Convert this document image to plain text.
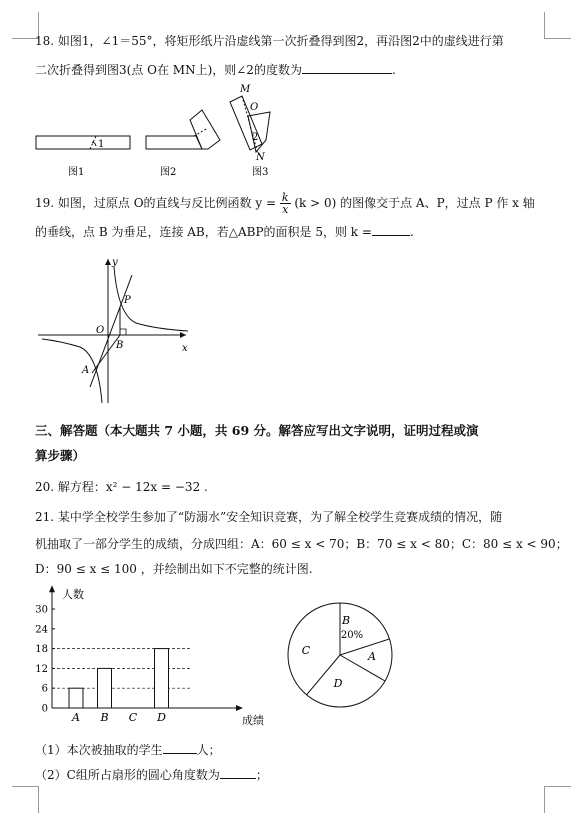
18. 如图1，∠1＝55°，将矩形纸片沿虚线第一次折叠得到图2，再沿图2中的虚线进行第
二次折叠得到图3(点 O在 MN上)，则∠2的度数为	.
1
图1	图2
M
O
2
N
图3
19. 如图，过原点 O的直线与反比例函数 $y = \frac{k}{x} (k > 0)$ 的图像交于点 A、P，过点 P 作 x 轴
的垂线，点 B 为垂足，连接 AB，若△ABP的面积是 5，则 k =	.
y
x
O
P
B
A
三、解答题（本大题共 7 小题，共 69 分。解答应写出文字说明，证明过程或演
算步骤）
20. 解方程：x² − 12x = −32 .
21. 某中学全校学生参加了“防溺水”安全知识竞赛，为了解全校学生竞赛成绩的情况，随
机抽取了一部分学生的成绩，分成四组：A：60 ≤ x < 70；B：70 ≤ x < 80；C：80 ≤ x < 90；
D：90 ≤ x ≤ 100 ，并绘制出如下不完整的统计图.
人数
成绩
0
6
12
18
24
30
A B C D
B
A
D
C
20%
（1）本次被抽取的学生	人；
（2）C组所占扇形的圆心角度数为	；
